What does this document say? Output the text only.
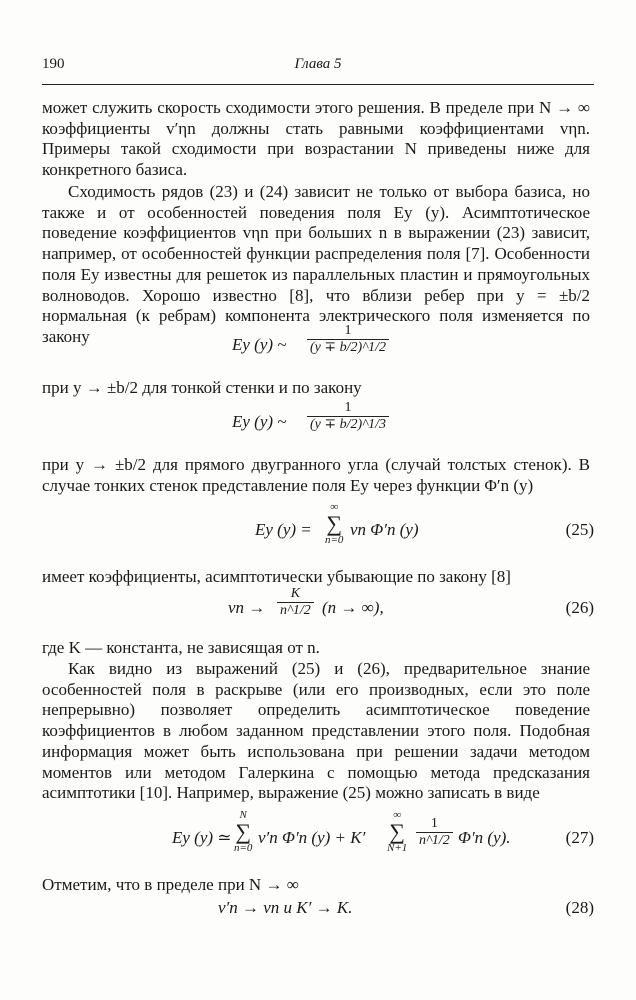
190	Глава 5
может служить скорость сходимости этого решения. В пределе при N → ∞ коэффициенты v′ηn должны стать равными коэффициентами vηn. Примеры такой сходимости при возрастании N приведены ниже для конкретного базиса.
Сходимость рядов (23) и (24) зависит не только от выбора базиса, но также и от особенностей поведения поля Ey (y). Асимптотическое поведение коэффициентов vηn при больших n в выражении (23) зависит, например, от особенностей функции распределения поля [7]. Особенности поля Ey известны для решеток из параллельных пластин и прямоугольных волноводов. Хорошо известно [8], что вблизи ребер при y = ±b/2 нормальная (к ребрам) компонента электрического поля изменяется по закону	Ey (y) ~ $\frac{1}{(y \mp b/2)\^{}1/2}$
при y → ±b/2 для тонкой стенки и по закону
Ey (y) ~ $\frac{1}{(y \mp b/2)\^{}1/3}$
при y → ±b/2 для прямого двугранного угла (случай толстых стенок). В случае тонких стенок представление поля Ey через функции Φ′n (y)
Ey (y) =
∞
∑
n=0
vn Φ′n (y)	(25)
имеет коэффициенты, асимптотически убывающие по закону [8]
vn → $\frac{K}{n\^{}1/2} (n$ → ∞),	(26)
где K — константа, не зависящая от n.
Как видно из выражений (25) и (26), предварительное знание особенностей поля в раскрыве (или его производных, если это поле непрерывно) позволяет определить асимптотическое поведение коэффициентов в любом заданном представлении этого поля. Подобная информация может быть использована при решении задачи методом моментов или методом Галеркина с помощью метода предсказания асимптотики [10]. Например, выражение (25) можно записать в виде
Ey (y) ≃
N
∑
n=0
v′n Φ′n (y) + K′
∞
∑
$N+1 \frac{1}{n\^{}1/2} \Phi'n$ (y).	(27)
Отметим, что в пределе при N → ∞
v′n → vn и K′ → K.	(28)
